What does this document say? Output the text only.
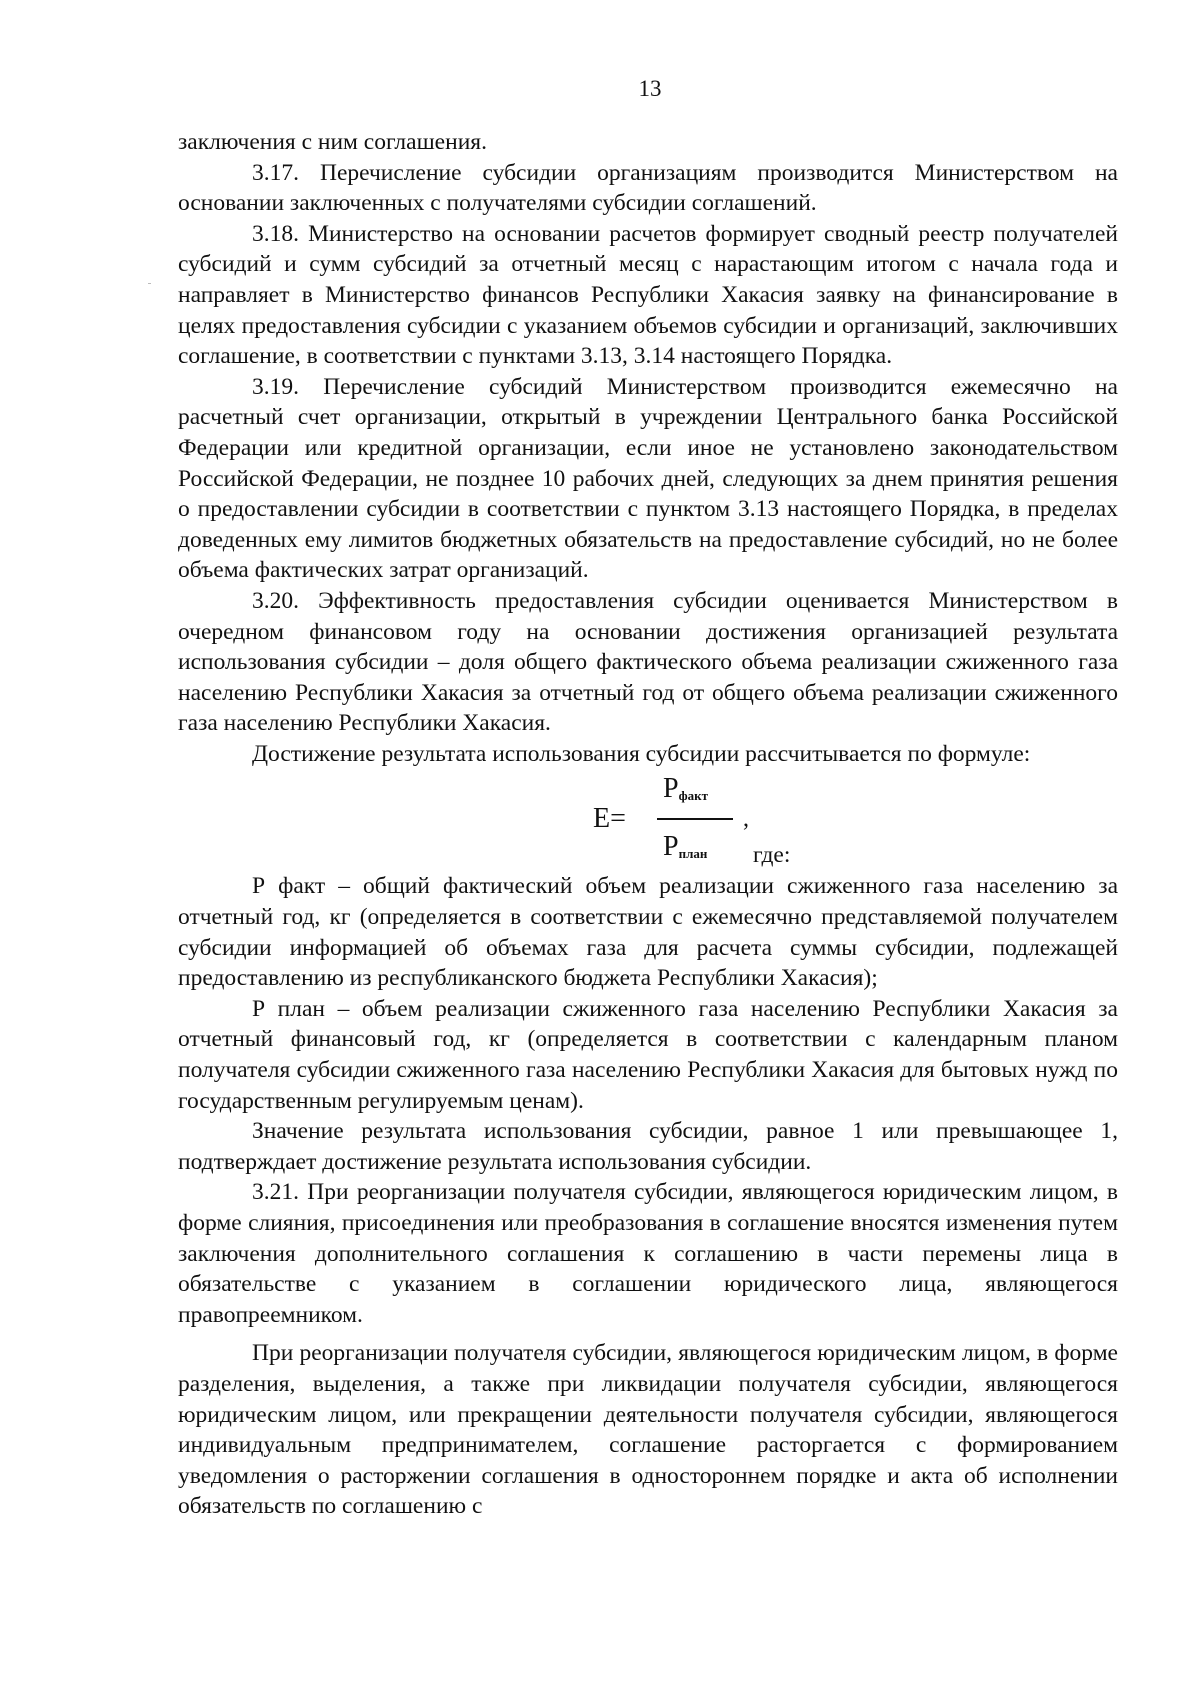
13

заключения с ним соглашения.

3.17. Перечисление субсидии организациям производится Министерством на основании заключенных с получателями субсидии соглашений.

3.18. Министерство на основании расчетов формирует сводный реестр получателей субсидий и сумм субсидий за отчетный месяц с нарастающим итогом с начала года и направляет в Министерство финансов Республики Хакасия заявку на финансирование в целях предоставления субсидии с указанием объемов субсидии и организаций, заключивших соглашение, в соответствии с пунктами 3.13, 3.14 настоящего Порядка.

3.19. Перечисление субсидий Министерством производится ежемесячно на расчетный счет организации, открытый в учреждении Центрального банка Российской Федерации или кредитной организации, если иное не установлено законодательством Российской Федерации, не позднее 10 рабочих дней, следующих за днем принятия решения о предоставлении субсидии в соответствии с пунктом 3.13 настоящего Порядка, в пределах доведенных ему лимитов бюджетных обязательств на предоставление субсидий, но не более объема фактических затрат организаций.

3.20. Эффективность предоставления субсидии оценивается Министерством в очередном финансовом году на основании достижения организацией результата использования субсидии – доля общего фактического объема реализации сжиженного газа населению Республики Хакасия за отчетный год от общего объема реализации сжиженного газа населению Республики Хакасия.

Достижение результата использования субсидии рассчитывается по формуле:

E=
Pфакт
Pплан
,
где:

Р факт – общий фактический объем реализации сжиженного газа населению за отчетный год, кг (определяется в соответствии с ежемесячно представляемой получателем субсидии информацией об объемах газа для расчета суммы субсидии, подлежащей предоставлению из республиканского бюджета Республики Хакасия);

Р план – объем реализации сжиженного газа населению Республики Хакасия за отчетный финансовый год, кг (определяется в соответствии с календарным планом получателя субсидии сжиженного газа населению Республики Хакасия для бытовых нужд по государственным регулируемым ценам).

Значение результата использования субсидии, равное 1 или превышающее 1, подтверждает достижение результата использования субсидии.

3.21. При реорганизации получателя субсидии, являющегося юридическим лицом, в форме слияния, присоединения или преобразования в соглашение вносятся изменения путем заключения дополнительного соглашения к соглашению в части перемены лица в обязательстве с указанием в соглашении юридического лица, являющегося правопреемником.

При реорганизации получателя субсидии, являющегося юридическим лицом, в форме разделения, выделения, а также при ликвидации получателя субсидии, являющегося юридическим лицом, или прекращении деятельности получателя субсидии, являющегося индивидуальным предпринимателем, соглашение расторгается с формированием уведомления о расторжении соглашения в одностороннем порядке и акта об исполнении обязательств по соглашению с
